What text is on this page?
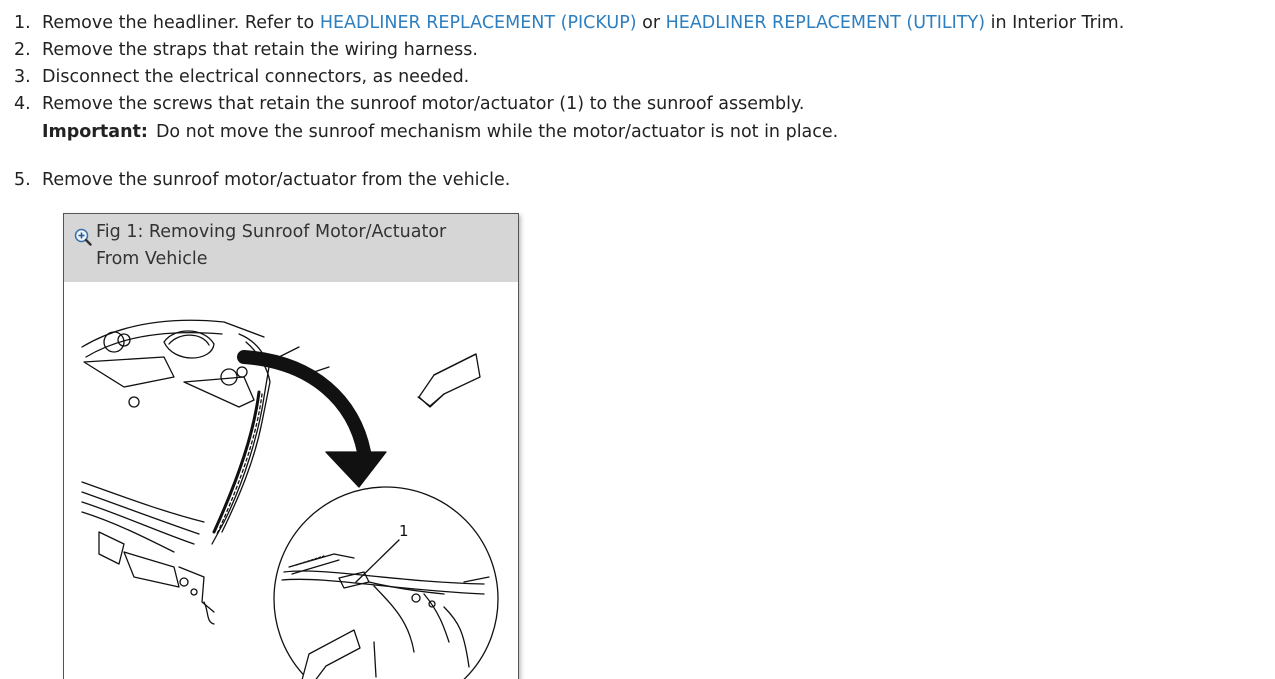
1. Remove the headliner. Refer to HEADLINER REPLACEMENT (PICKUP) or HEADLINER REPLACEMENT (UTILITY) in Interior Trim.
2. Remove the straps that retain the wiring harness.
3. Disconnect the electrical connectors, as needed.
4. Remove the screws that retain the sunroof motor/actuator (1) to the sunroof assembly.
Important: Do not move the sunroof mechanism while the motor/actuator is not in place.
5. Remove the sunroof motor/actuator from the vehicle.
Fig 1: Removing Sunroof Motor/Actuator
From Vehicle
1
